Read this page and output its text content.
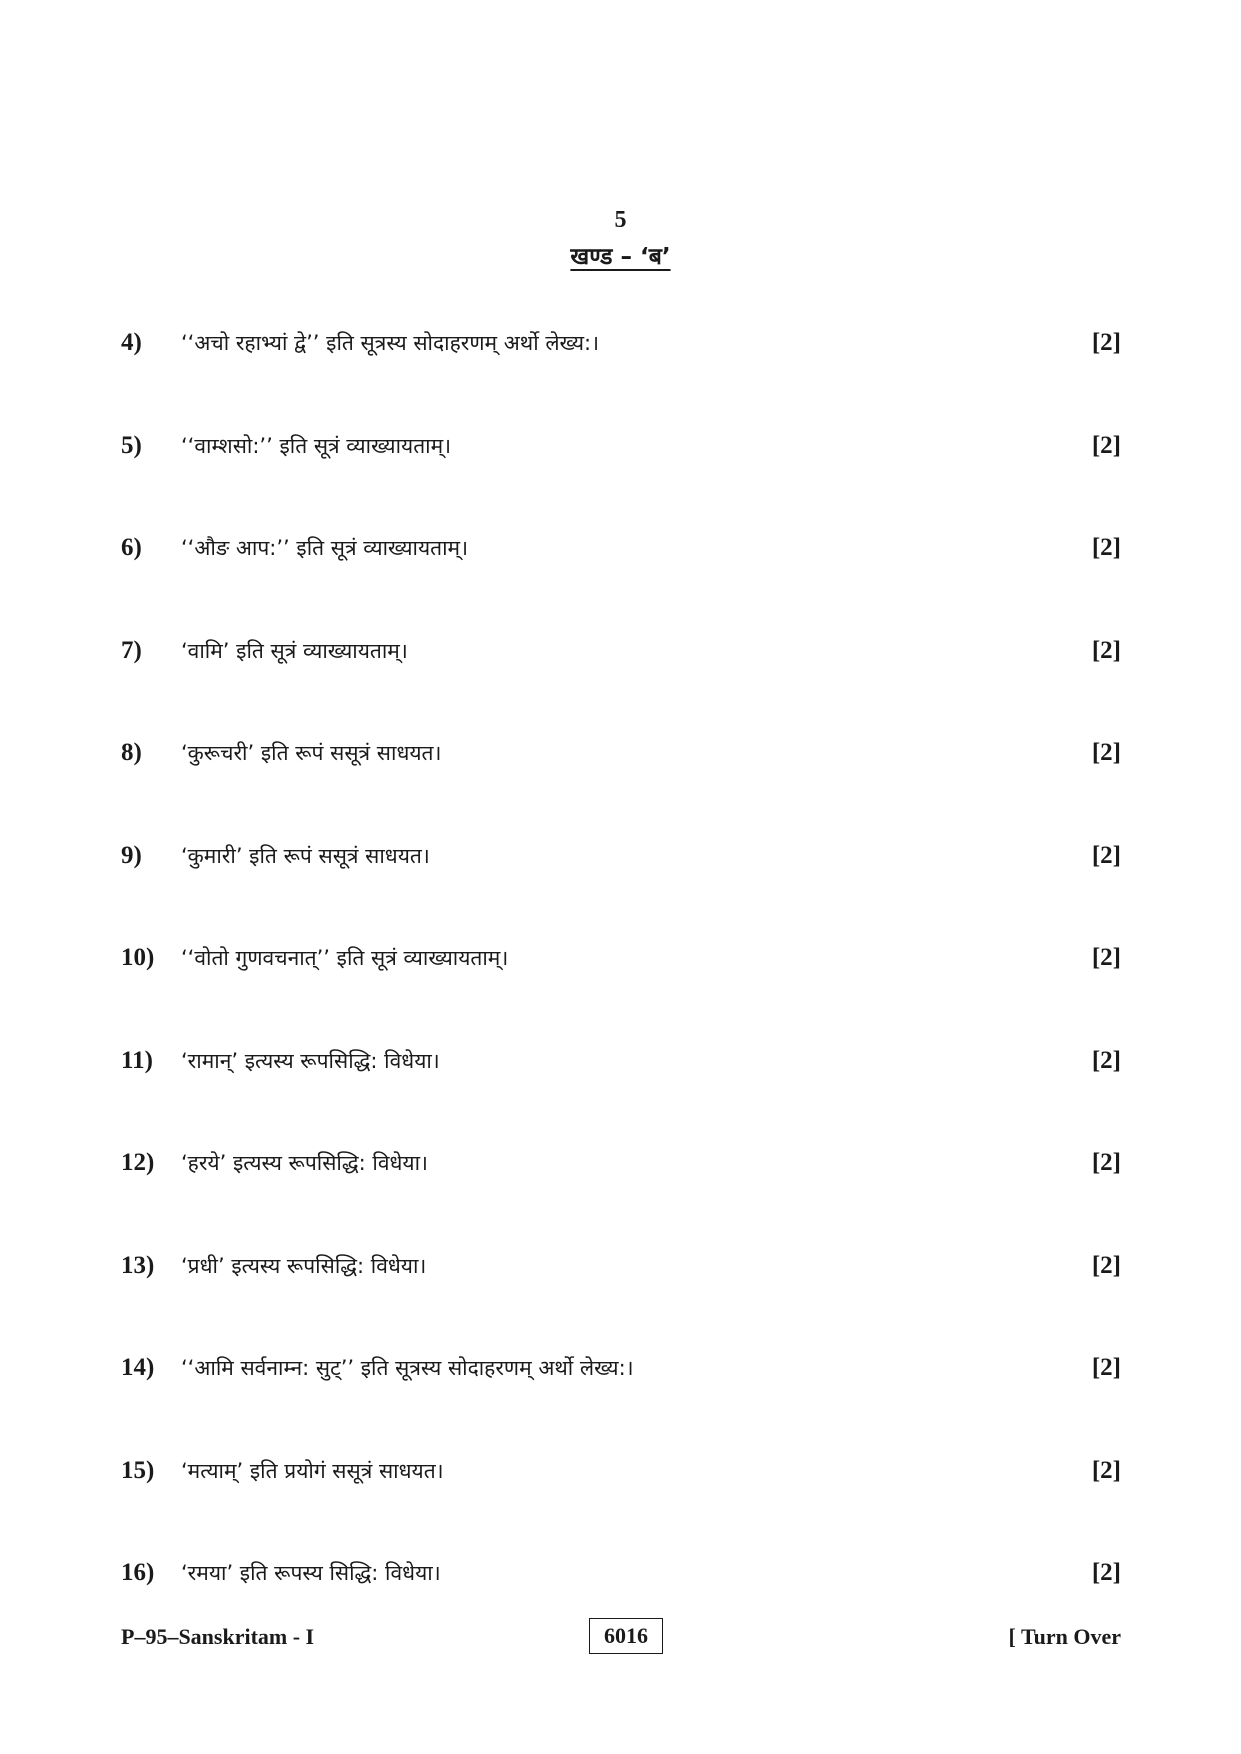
5
खण्ड – ‘ब’
4) ‘‘अचो रहाभ्यां द्वे’’ इति सूत्रस्य सोदाहरणम् अर्थो लेख्य:।	[2]
5) ‘‘वाम्शसो:’’ इति सूत्रं व्याख्यायताम्।	[2]
6) ‘‘औङ आप:’’ इति सूत्रं व्याख्यायताम्।	[2]
7) ‘वामि’ इति सूत्रं व्याख्यायताम्।	[2]
8) ‘कुरूचरी’ इति रूपं ससूत्रं साधयत।	[2]
9) ‘कुमारी’ इति रूपं ससूत्रं साधयत।	[2]
10) ‘‘वोतो गुणवचनात्’’ इति सूत्रं व्याख्यायताम्।	[2]
11) ‘रामान्’ इत्यस्य रूपसिद्धि: विधेया।	[2]
12) ‘हरये’ इत्यस्य रूपसिद्धि: विधेया।	[2]
13) ‘प्रधी’ इत्यस्य रूपसिद्धि: विधेया।	[2]
14) ‘‘आमि सर्वनाम्न: सुट्’’ इति सूत्रस्य सोदाहरणम् अर्थो लेख्य:।	[2]
15) ‘मत्याम्’ इति प्रयोगं ससूत्रं साधयत।	[2]
16) ‘रमया’ इति रूपस्य सिद्धि: विधेया।	[2]
P–95–Sanskritam - I	6016	[ Turn Over
